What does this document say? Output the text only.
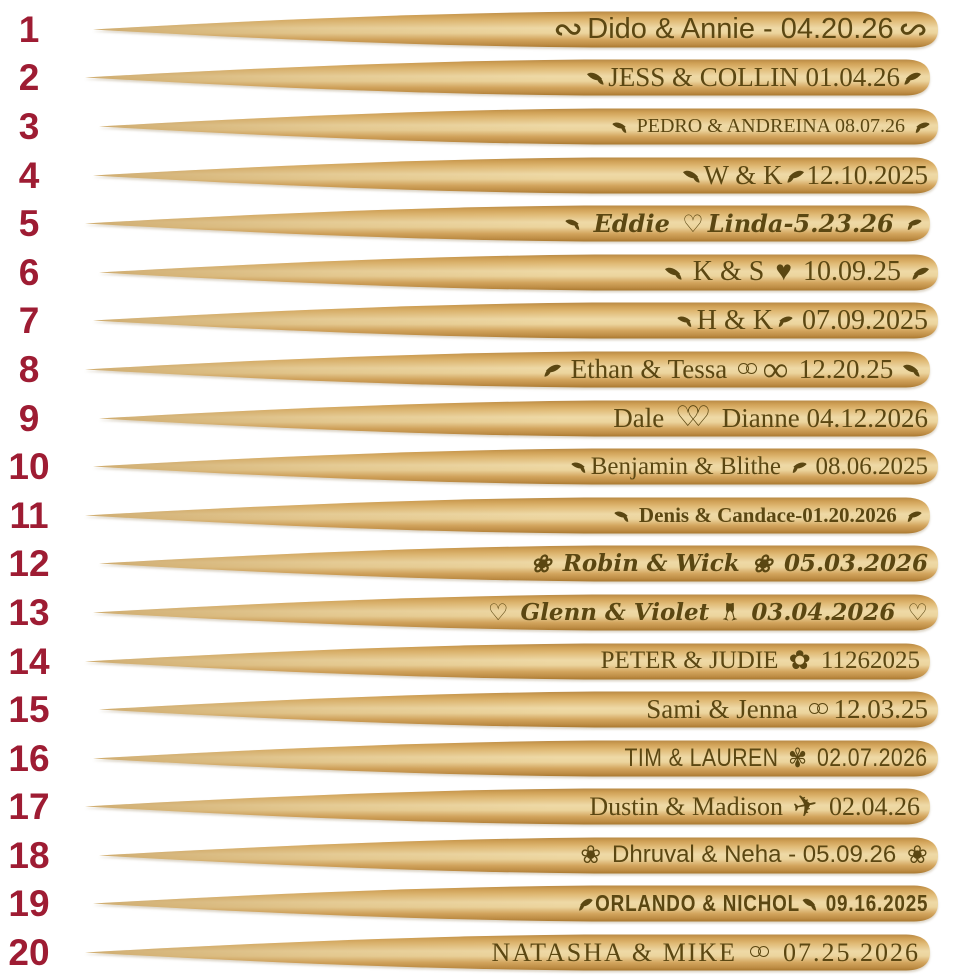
1	∾ Dido & Annie - 04.20.26 ∾
2	JESS & COLLIN 01.04.26
3	PEDRO & ANDREINA 08.07.26
4	W & K 12.10.2025
5	Eddie ♡ Linda-5.23.26
6	K & S ♥ 10.09.25
7	H & K 07.09.2025
8	Ethan & Tessa ∞ 12.20.25
9	Dale ♡♡ Dianne 04.12.2026
10	Benjamin & Blithe 08.06.2025
11	Denis & Candace-01.20.2026
12	❀ Robin & Wick ❀ 05.03.2026
13	♡ Glenn & Violet 03.04.2026 ♡
14	PETER & JUDIE ✿ 11262025
15	Sami & Jenna 12.03.25
16	TIM & LAUREN ✾ 02.07.2026
17	Dustin & Madison ✈ 02.04.26
18	❀ Dhruval & Neha - 05.09.26 ❀
19	ORLANDO & NICHOL 09.16.2025
20	NATASHA & MIKE 07.25.2026
